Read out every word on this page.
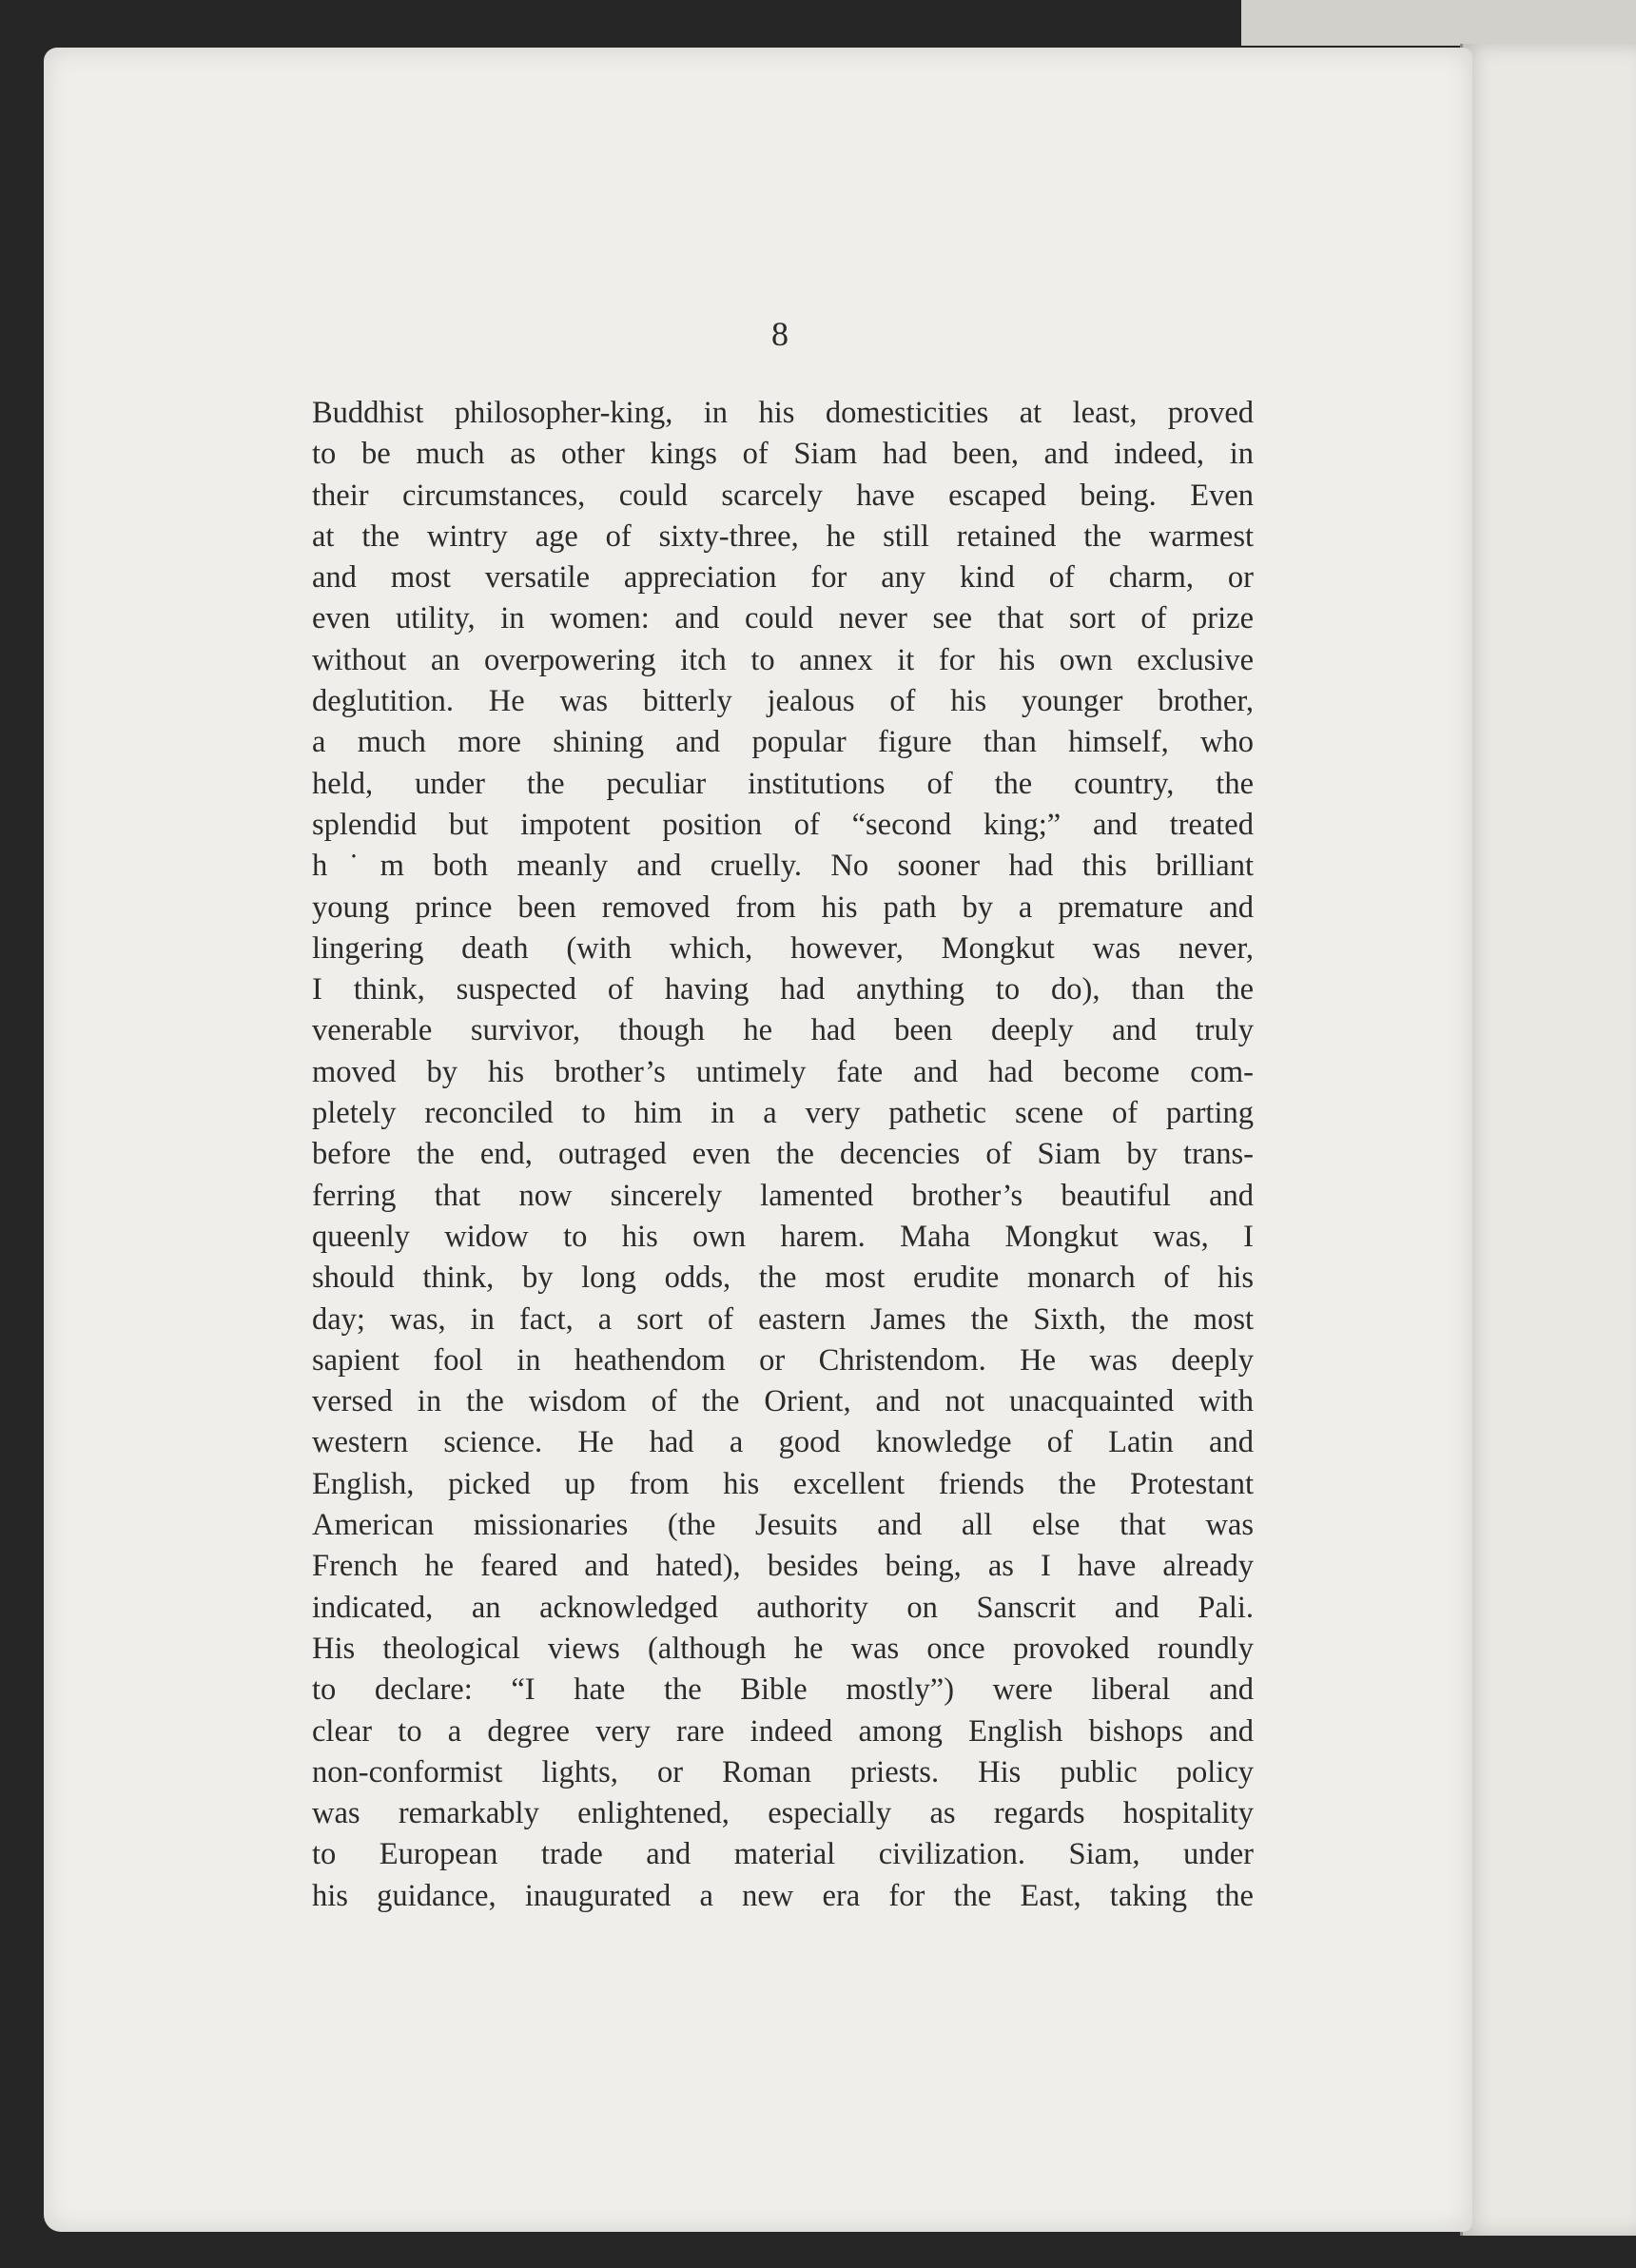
8
Buddhist philosopher-king, in his domesticities at least, proved
to be much as other kings of Siam had been, and indeed, in
their circumstances, could scarcely have escaped being. Even
at the wintry age of sixty-three, he still retained the warmest
and most versatile appreciation for any kind of charm, or
even utility, in women: and could never see that sort of prize
without an overpowering itch to annex it for his own exclusive
deglutition. He was bitterly jealous of his younger brother,
a much more shining and popular figure than himself, who
held, under the peculiar institutions of the country, the
splendid but impotent position of “second king;” and treated
h˙m both meanly and cruelly. No sooner had this brilliant
young prince been removed from his path by a premature and
lingering death (with which, however, Mongkut was never,
I think, suspected of having had anything to do), than the
venerable survivor, though he had been deeply and truly
moved by his brother’s untimely fate and had become com-
pletely reconciled to him in a very pathetic scene of parting
before the end, outraged even the decencies of Siam by trans-
ferring that now sincerely lamented brother’s beautiful and
queenly widow to his own harem. Maha Mongkut was, I
should think, by long odds, the most erudite monarch of his
day; was, in fact, a sort of eastern James the Sixth, the most
sapient fool in heathendom or Christendom. He was deeply
versed in the wisdom of the Orient, and not unacquainted with
western science. He had a good knowledge of Latin and
English, picked up from his excellent friends the Protestant
American missionaries (the Jesuits and all else that was
French he feared and hated), besides being, as I have already
indicated, an acknowledged authority on Sanscrit and Pali.
His theological views (although he was once provoked roundly
to declare: “I hate the Bible mostly”) were liberal and
clear to a degree very rare indeed among English bishops and
non-conformist lights, or Roman priests. His public policy
was remarkably enlightened, especially as regards hospitality
to European trade and material civilization. Siam, under
his guidance, inaugurated a new era for the East, taking the
